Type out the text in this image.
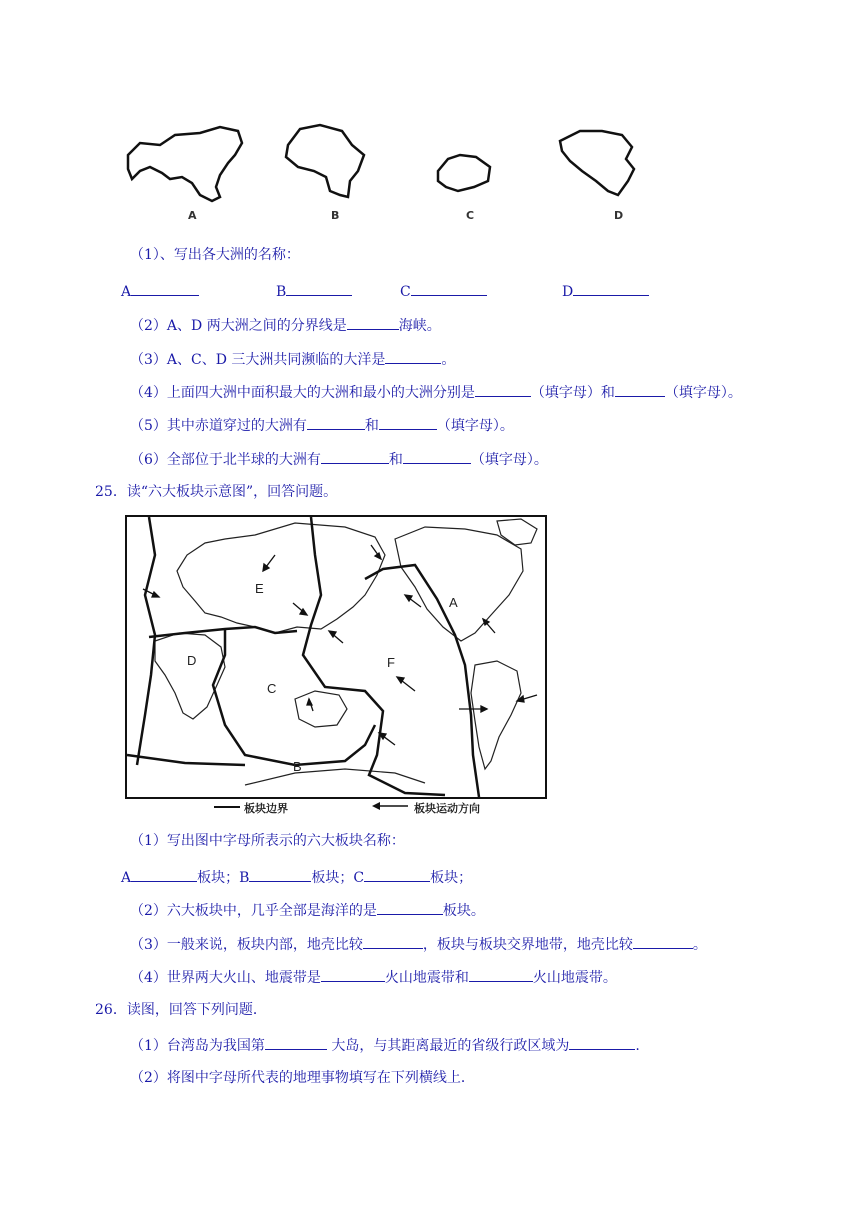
A	B	C	D
（1）、写出各大洲的名称：
A	B	C	D
（2）A、D 两大洲之间的分界线是	海峡。
（3）A、C、D 三大洲共同濒临的大洋是	。
（4）上面四大洲中面积最大的大洲和最小的大洲分别是	（填字母）和	（填字母）。
（5）其中赤道穿过的大洲有	和	（填字母）。
（6）全部位于北半球的大洲有	和	（填字母）。
25．读“六大板块示意图”，回答问题。
A
B
C
D
E
F
板块边界	板块运动方向
（1）写出图中字母所表示的六大板块名称：
A	板块；B	板块；C	板块；
（2）六大板块中，几乎全部是海洋的是	板块。
（3）一般来说，板块内部，地壳比较	，板块与板块交界地带，地壳比较	。
（4）世界两大火山、地震带是	火山地震带和	火山地震带。
26．读图，回答下列问题．
（1）台湾岛为我国第	大岛，与其距离最近的省级行政区域为	.
（2）将图中字母所代表的地理事物填写在下列横线上．
